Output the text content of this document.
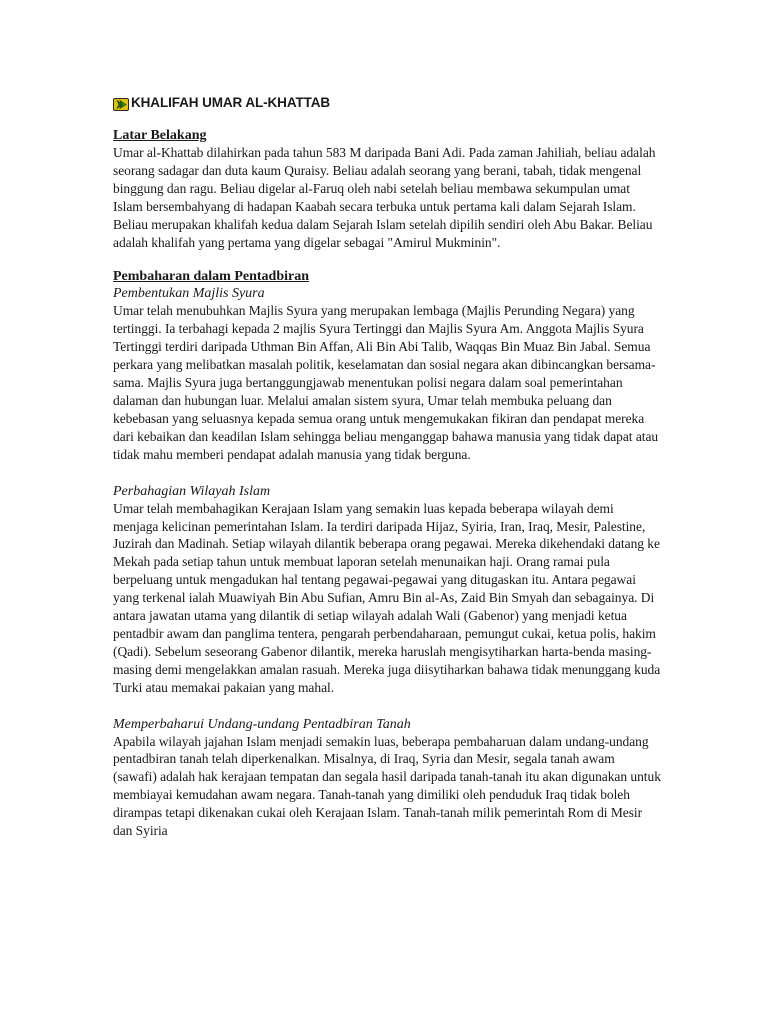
KHALIFAH UMAR AL-KHATTAB
Latar Belakang

Umar al-Khattab dilahirkan pada tahun 583 M daripada Bani Adi. Pada zaman Jahiliah, beliau adalah seorang sadagar dan duta kaum Quraisy. Beliau adalah seorang yang berani, tabah, tidak mengenal binggung dan ragu. Beliau digelar al-Faruq oleh nabi setelah beliau membawa sekumpulan umat Islam bersembahyang di hadapan Kaabah secara terbuka untuk pertama kali dalam Sejarah Islam. Beliau merupakan khalifah kedua dalam Sejarah Islam setelah dipilih sendiri oleh Abu Bakar. Beliau adalah khalifah yang pertama yang digelar sebagai "Amirul Mukminin".

Pembaharan dalam Pentadbiran
Pembentukan Majlis Syura

Umar telah menubuhkan Majlis Syura yang merupakan lembaga (Majlis Perunding Negara) yang tertinggi. Ia terbahagi kepada 2 majlis Syura Tertinggi dan Majlis Syura Am. Anggota Majlis Syura Tertinggi terdiri daripada Uthman Bin Affan, Ali Bin Abi Talib, Waqqas Bin Muaz Bin Jabal. Semua perkara yang melibatkan masalah politik, keselamatan dan sosial negara akan dibincangkan bersama-sama. Majlis Syura juga bertanggungjawab menentukan polisi negara dalam soal pemerintahan dalaman dan hubungan luar. Melalui amalan sistem syura, Umar telah membuka peluang dan kebebasan yang seluasnya kepada semua orang untuk mengemukakan fikiran dan pendapat mereka dari kebaikan dan keadilan Islam sehingga beliau menganggap bahawa manusia yang tidak dapat atau tidak mahu memberi pendapat adalah manusia yang tidak berguna.

Perbahagian Wilayah Islam

Umar telah membahagikan Kerajaan Islam yang semakin luas kepada beberapa wilayah demi menjaga kelicinan pemerintahan Islam. Ia terdiri daripada Hijaz, Syiria, Iran, Iraq, Mesir, Palestine, Juzirah dan Madinah. Setiap wilayah dilantik beberapa orang pegawai. Mereka dikehendaki datang ke Mekah pada setiap tahun untuk membuat laporan setelah menunaikan haji. Orang ramai pula berpeluang untuk mengadukan hal tentang pegawai-pegawai yang ditugaskan itu. Antara pegawai yang terkenal ialah Muawiyah Bin Abu Sufian, Amru Bin al-As, Zaid Bin Smyah dan sebagainya. Di antara jawatan utama yang dilantik di setiap wilayah adalah Wali (Gabenor) yang menjadi ketua pentadbir awam dan panglima tentera, pengarah perbendaharaan, pemungut cukai, ketua polis, hakim (Qadi). Sebelum seseorang Gabenor dilantik, mereka haruslah mengisytiharkan harta-benda masing-masing demi mengelakkan amalan rasuah. Mereka juga diisytiharkan bahawa tidak menunggang kuda Turki atau memakai pakaian yang mahal.

Memperbaharui Undang-undang Pentadbiran Tanah

Apabila wilayah jajahan Islam menjadi semakin luas, beberapa pembaharuan dalam undang-undang pentadbiran tanah telah diperkenalkan. Misalnya, di Iraq, Syria dan Mesir, segala tanah awam (sawafi) adalah hak kerajaan tempatan dan segala hasil daripada tanah-tanah itu akan digunakan untuk membiayai kemudahan awam negara. Tanah-tanah yang dimiliki oleh penduduk Iraq tidak boleh dirampas tetapi dikenakan cukai oleh Kerajaan Islam. Tanah-tanah milik pemerintah Rom di Mesir dan Syiria
